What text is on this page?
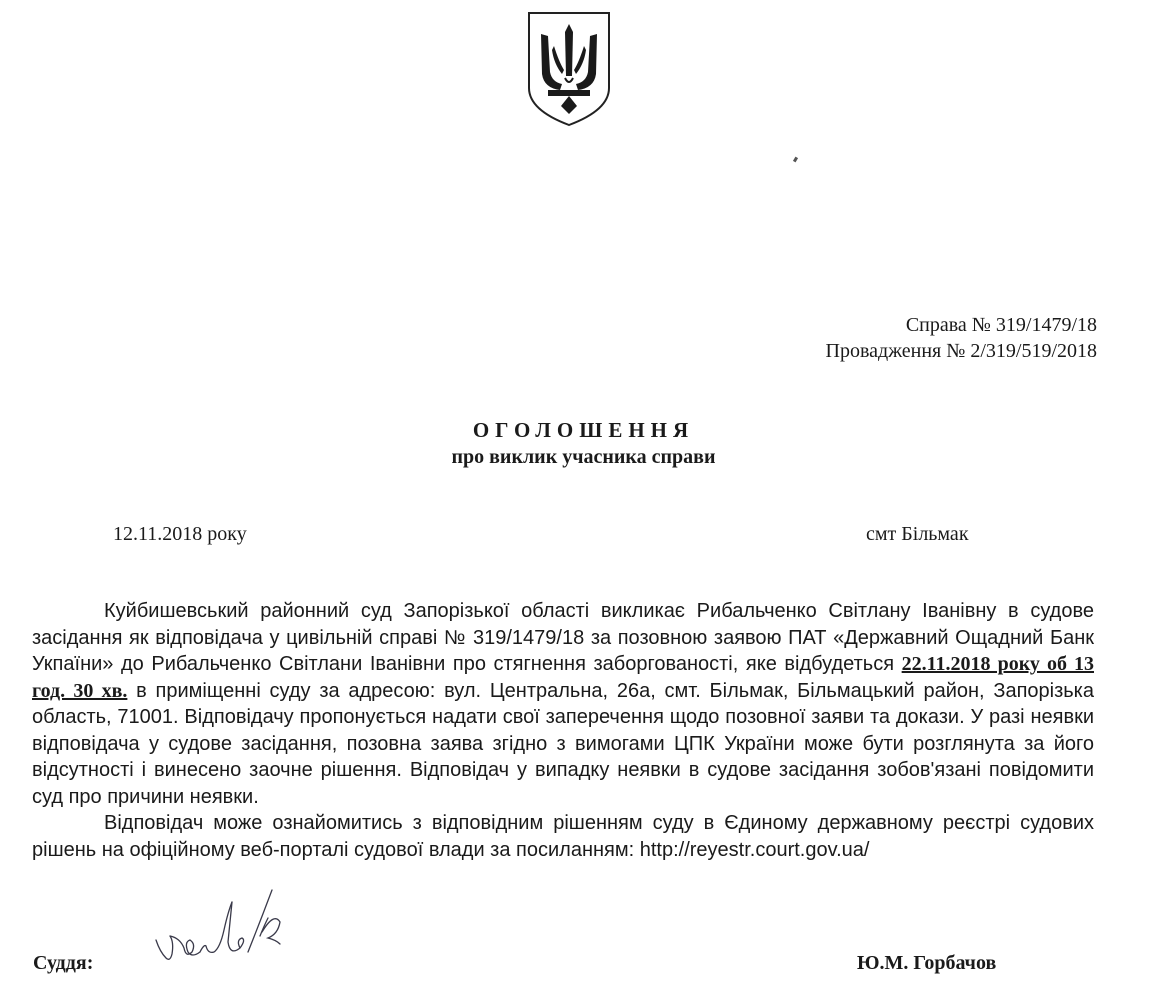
Справа № 319/1479/18
Провадження № 2/319/519/2018
ОГОЛОШЕННЯ
про виклик учасника справи
12.11.2018 року	смт Більмак

Куйбишевський районний суд Запорізької області викликає Рибальченко Світлану Іванівну в судове засідання як відповідача у цивільній справі № 319/1479/18 за позовною заявою ПАТ «Державний Ощадний Банк Укпаїни» до Рибальченко Світлани Іванівни про стягнення заборгованості, яке відбудеться 22.11.2018 року об 13 год. 30 хв. в приміщенні суду за адресою: вул. Центральна, 26а, смт. Більмак, Більмацький район, Запорізька область, 71001. Відповідачу пропонується надати свої заперечення щодо позовної заяви та докази. У разі неявки відповідача у судове засідання, позовна заява згідно з вимогами ЦПК України може бути розглянута за його відсутності і винесено заочне рішення. Відповідач у випадку неявки в судове засідання зобов'язані повідомити суд про причини неявки.

Відповідач може ознайомитись з відповідним рішенням суду в Єдиному державному реєстрі судових рішень на офіційному веб-порталі судової влади за посиланням: http://reyestr.court.gov.ua/

Суддя:	Ю.М. Горбачов
